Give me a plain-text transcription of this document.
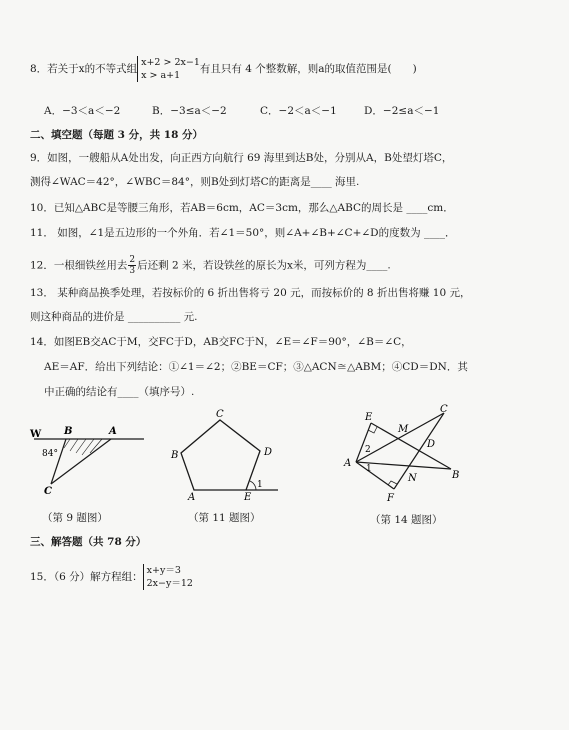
8．若关于x的不等式组x+2 > 2x−1
x > a+1有且只有 4 个整数解，则a的取值范围是(　　)
A．−3＜a＜−2	B．−3≤a＜−2	C．−2＜a＜−1	D．−2≤a＜−1
二、填空题（每题 3 分，共 18 分）
9．如图，一艘船从A处出发，向正西方向航行 69 海里到达B处，分别从A，B处望灯塔C，
测得∠WAC＝42°，∠WBC＝84°，则B处到灯塔C的距离是____ 海里.
10．已知△ABC是等腰三角形，若AB＝6cm，AC＝3cm，那么△ABC的周长是 ____cm．
11． 如图，∠1是五边形的一个外角．若∠1＝50°，则∠A+∠B+∠C+∠D的度数为 ____．
12．一根细铁丝用去 $\frac{2}{3}$ 后还剩 2 米，若设铁丝的原长为x米，可列方程为____.
13． 某种商品换季处理，若按标价的 6 折出售将亏 20 元，而按标价的 8 折出售将赚 10 元，
则这种商品的进价是 __________ 元.
14．如图EB交AC于M，交FC于D，AB交FC于N，∠E＝∠F＝90°，∠B＝∠C，
AE＝AF．给出下列结论：①∠1＝∠2；②BE＝CF；③△ACN≅△ABM；④CD＝DN．其
中正确的结论有____（填序号）.
W B	A
C
84°
（第 9 题图）
C
B	D
A	E
1
（第 11 题图）
E
M
C
2	D
1
A
N	B
F
（第 14 题图）
三、解答题（共 78 分）
15．（6 分）解方程组：x+y＝3
2x−y＝12
